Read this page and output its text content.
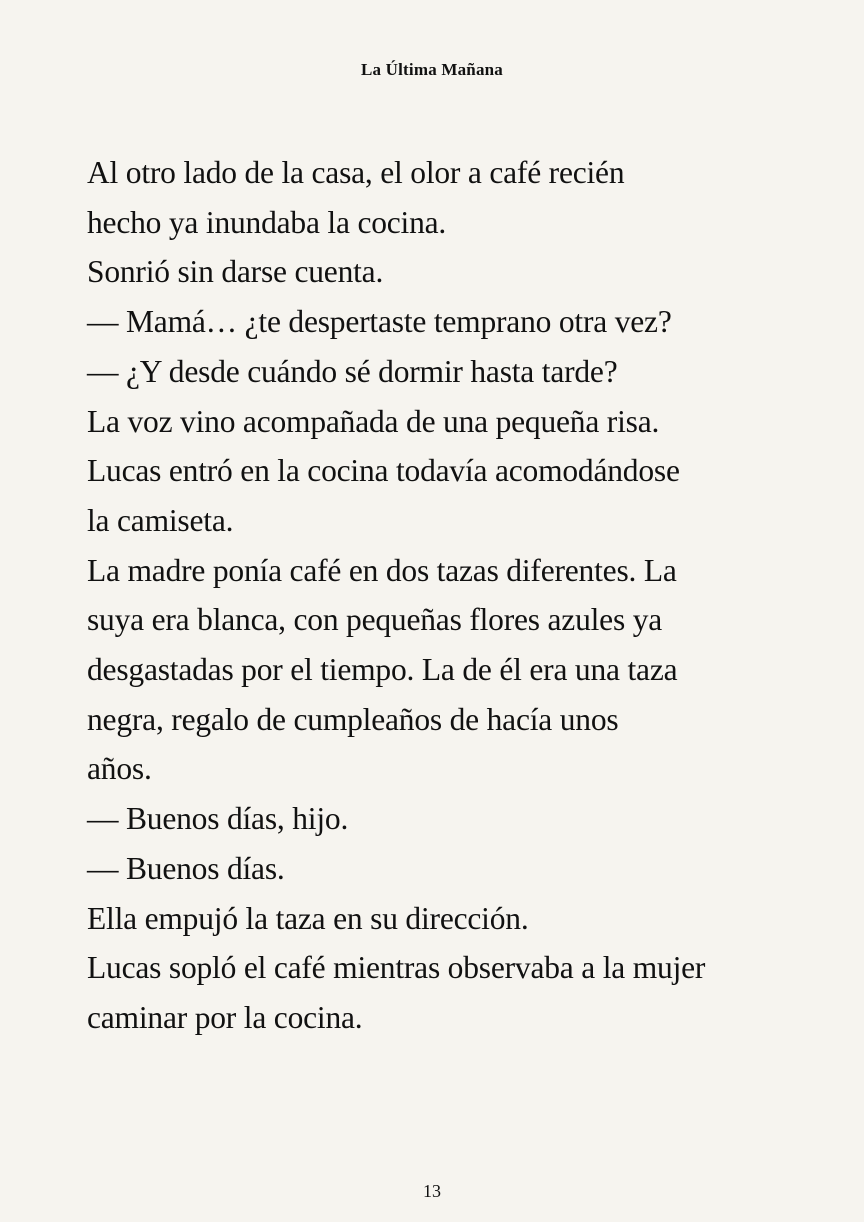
La Última Mañana
Al otro lado de la casa, el olor a café recién
hecho ya inundaba la cocina.
Sonrió sin darse cuenta.
— Mamá… ¿te despertaste temprano otra vez?
— ¿Y desde cuándo sé dormir hasta tarde?
La voz vino acompañada de una pequeña risa.
Lucas entró en la cocina todavía acomodándose
la camiseta.
La madre ponía café en dos tazas diferentes. La
suya era blanca, con pequeñas flores azules ya
desgastadas por el tiempo. La de él era una taza
negra, regalo de cumpleaños de hacía unos
años.
— Buenos días, hijo.
— Buenos días.
Ella empujó la taza en su dirección.
Lucas sopló el café mientras observaba a la mujer
caminar por la cocina.
13
